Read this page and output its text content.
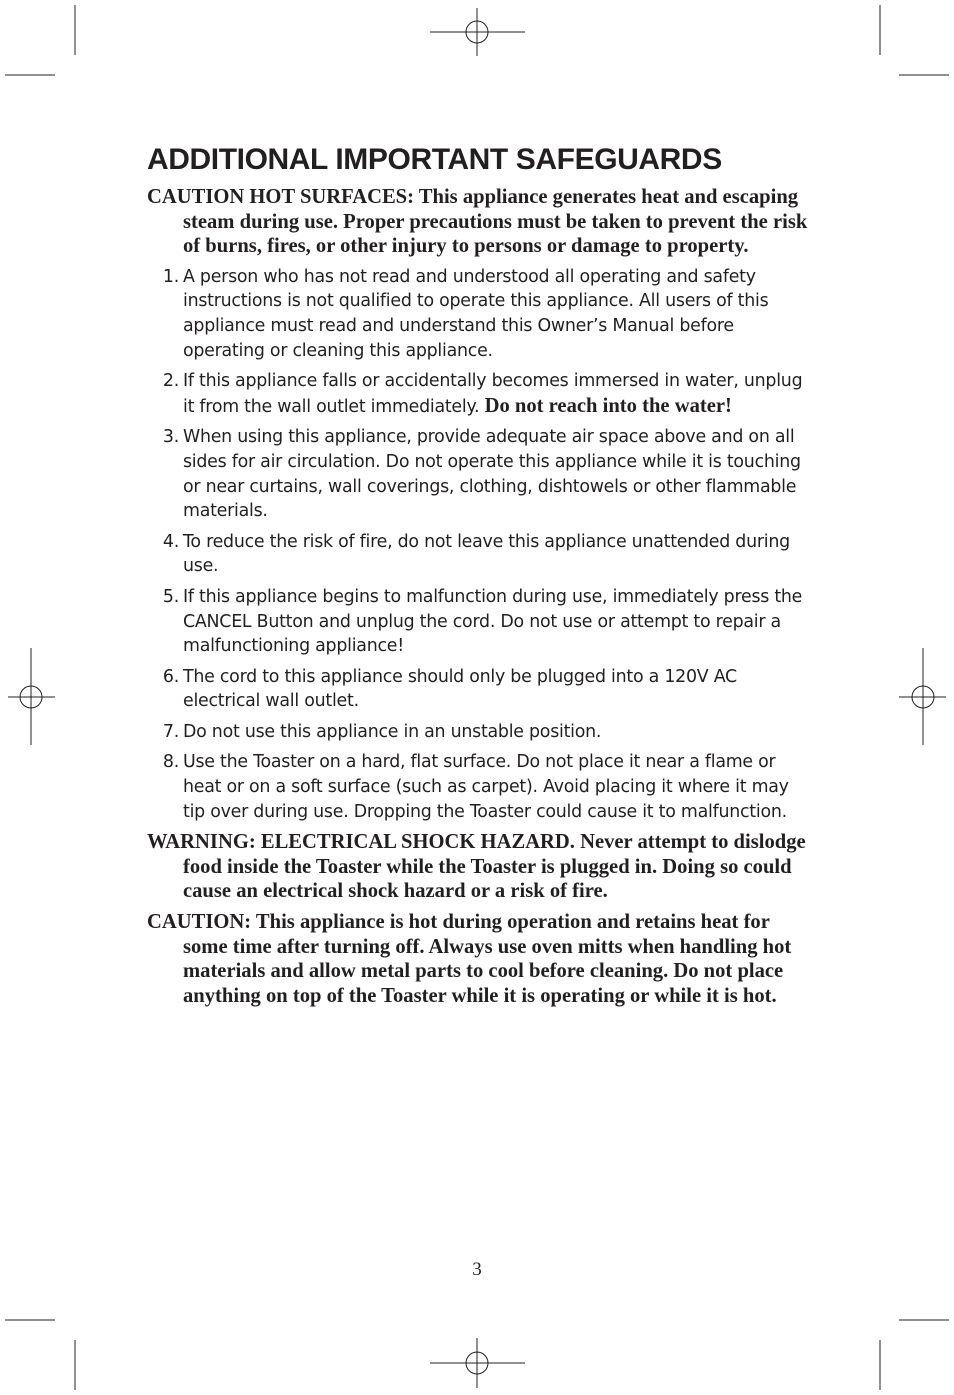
ADDITIONAL IMPORTANT SAFEGUARDS

CAUTION HOT SURFACES: This appliance generates heat and escaping steam during use. Proper precautions must be taken to prevent the risk of burns, fires, or other injury to persons or damage to property.

1. A person who has not read and understood all operating and safety instructions is not qualified to operate this appliance. All users of this appliance must read and understand this Owner’s Manual before operating or cleaning this appliance.
2. If this appliance falls or accidentally becomes immersed in water, unplug it from the wall outlet immediately. Do not reach into the water!
3. When using this appliance, provide adequate air space above and on all sides for air circulation. Do not operate this appliance while it is touching or near curtains, wall coverings, clothing, dishtowels or other flammable materials.
4. To reduce the risk of fire, do not leave this appliance unattended during use.
5. If this appliance begins to malfunction during use, immediately press the CANCEL Button and unplug the cord. Do not use or attempt to repair a malfunctioning appliance!
6. The cord to this appliance should only be plugged into a 120V AC electrical wall outlet.
7. Do not use this appliance in an unstable position.
8. Use the Toaster on a hard, flat surface. Do not place it near a flame or heat or on a soft surface (such as carpet). Avoid placing it where it may tip over during use. Dropping the Toaster could cause it to malfunction.

WARNING: ELECTRICAL SHOCK HAZARD. Never attempt to dislodge food inside the Toaster while the Toaster is plugged in. Doing so could cause an electrical shock hazard or a risk of fire.

CAUTION: This appliance is hot during operation and retains heat for some time after turning off. Always use oven mitts when handling hot materials and allow metal parts to cool before cleaning. Do not place anything on top of the Toaster while it is operating or while it is hot.

3
